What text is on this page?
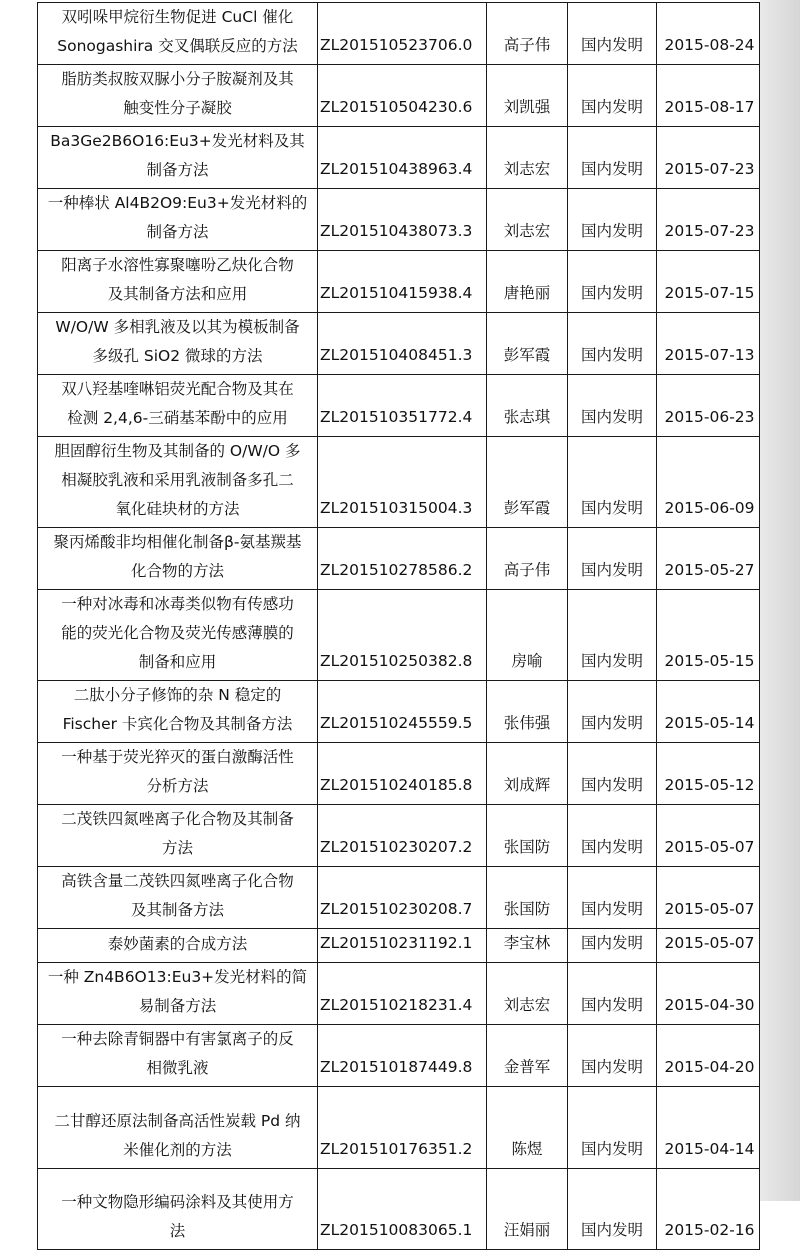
双吲哚甲烷衍生物促进 CuCl 催化
Sonogashira 交叉偶联反应的方法	ZL201510523706.0	高子伟	国内发明	2015-08-24

脂肪类叔胺双脲小分子胺凝剂及其
触变性分子凝胶	ZL201510504230.6	刘凯强	国内发明	2015-08-17

Ba3Ge2B6O16:Eu3+发光材料及其
制备方法	ZL201510438963.4	刘志宏	国内发明	2015-07-23

一种棒状 Al4B2O9:Eu3+发光材料的
制备方法	ZL201510438073.3	刘志宏	国内发明	2015-07-23

阳离子水溶性寡聚噻吩乙炔化合物
及其制备方法和应用	ZL201510415938.4	唐艳丽	国内发明	2015-07-15

W/O/W 多相乳液及以其为模板制备
多级孔 SiO2 微球的方法	ZL201510408451.3	彭军霞	国内发明	2015-07-13

双八羟基喹啉铝荧光配合物及其在
检测 2,4,6-三硝基苯酚中的应用	ZL201510351772.4	张志琪	国内发明	2015-06-23

胆固醇衍生物及其制备的 O/W/O 多
相凝胶乳液和采用乳液制备多孔二
氧化硅块材的方法	ZL201510315004.3	彭军霞	国内发明	2015-06-09

聚丙烯酸非均相催化制备β-氨基羰基
化合物的方法	ZL201510278586.2	高子伟	国内发明	2015-05-27

一种对冰毒和冰毒类似物有传感功
能的荧光化合物及荧光传感薄膜的
制备和应用	ZL201510250382.8	房喻	国内发明	2015-05-15

二肽小分子修饰的杂 N 稳定的
Fischer 卡宾化合物及其制备方法	ZL201510245559.5	张伟强	国内发明	2015-05-14

一种基于荧光猝灭的蛋白激酶活性
分析方法	ZL201510240185.8	刘成辉	国内发明	2015-05-12

二茂铁四氮唑离子化合物及其制备
方法	ZL201510230207.2	张国防	国内发明	2015-05-07

高铁含量二茂铁四氮唑离子化合物
及其制备方法	ZL201510230208.7	张国防	国内发明	2015-05-07

泰妙菌素的合成方法	ZL201510231192.1	李宝林	国内发明	2015-05-07

一种 Zn4B6O13:Eu3+发光材料的简
易制备方法	ZL201510218231.4	刘志宏	国内发明	2015-04-30

一种去除青铜器中有害氯离子的反
相微乳液	ZL201510187449.8	金普军	国内发明	2015-04-20

二甘醇还原法制备高活性炭载 Pd 纳
米催化剂的方法	ZL201510176351.2	陈煜	国内发明	2015-04-14

一种文物隐形编码涂料及其使用方
法	ZL201510083065.1	汪娟丽	国内发明	2015-02-16
